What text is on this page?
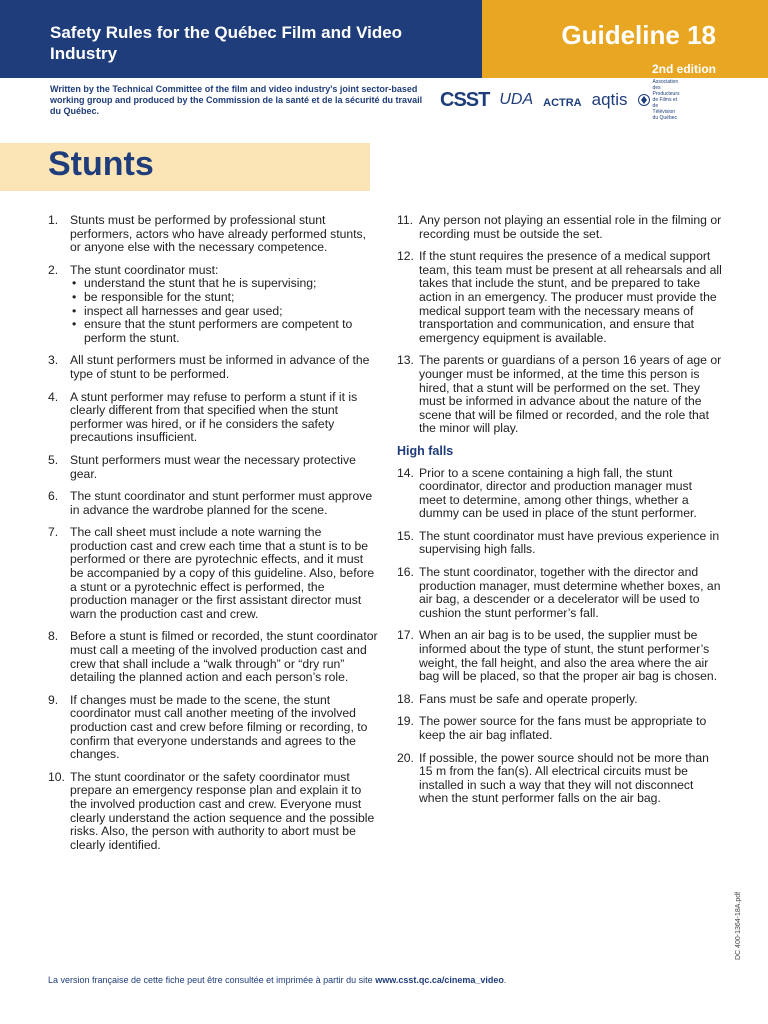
Safety Rules for the Québec Film and Video Industry
Guideline 18
2nd edition
Written by the Technical Committee of the film and video industry's joint sector-based working group and produced by the Commission de la santé et de la sécurité du travail du Québec.
CSST UDA ACTRA aqtis
Association des Producteurs de Films et de Télévision du Québec
Stunts
1. Stunts must be performed by professional stunt performers, actors who have already performed stunts, or anyone else with the necessary competence.
2. The stunt coordinator must:
• understand the stunt that he is supervising;
• be responsible for the stunt;
• inspect all harnesses and gear used;
• ensure that the stunt performers are competent to perform the stunt.
3. All stunt performers must be informed in advance of the type of stunt to be performed.
4. A stunt performer may refuse to perform a stunt if it is clearly different from that specified when the stunt performer was hired, or if he considers the safety precautions insufficient.
5. Stunt performers must wear the necessary protective gear.
6. The stunt coordinator and stunt performer must approve in advance the wardrobe planned for the scene.
7. The call sheet must include a note warning the production cast and crew each time that a stunt is to be performed or there are pyrotechnic effects, and it must be accompanied by a copy of this guideline. Also, before a stunt or a pyrotechnic effect is performed, the production manager or the first assistant director must warn the production cast and crew.
8. Before a stunt is filmed or recorded, the stunt coordinator must call a meeting of the involved production cast and crew that shall include a “walk through” or “dry run” detailing the planned action and each person’s role.
9. If changes must be made to the scene, the stunt coordinator must call another meeting of the involved production cast and crew before filming or recording, to confirm that everyone understands and agrees to the changes.
10. The stunt coordinator or the safety coordinator must prepare an emergency response plan and explain it to the involved production cast and crew. Everyone must clearly understand the action sequence and the possible risks. Also, the person with authority to abort must be clearly identified.
11. Any person not playing an essential role in the filming or recording must be outside the set.
12. If the stunt requires the presence of a medical support team, this team must be present at all rehearsals and all takes that include the stunt, and be prepared to take action in an emergency. The producer must provide the medical support team with the necessary means of transportation and communication, and ensure that emergency equipment is available.
13. The parents or guardians of a person 16 years of age or younger must be informed, at the time this person is hired, that a stunt will be performed on the set. They must be informed in advance about the nature of the scene that will be filmed or recorded, and the role that the minor will play.
High falls
14. Prior to a scene containing a high fall, the stunt coordinator, director and production manager must meet to determine, among other things, whether a dummy can be used in place of the stunt performer.
15. The stunt coordinator must have previous experience in supervising high falls.
16. The stunt coordinator, together with the director and production manager, must determine whether boxes, an air bag, a descender or a decelerator will be used to cushion the stunt performer’s fall.
17. When an air bag is to be used, the supplier must be informed about the type of stunt, the stunt performer’s weight, the fall height, and also the area where the air bag will be placed, so that the proper air bag is chosen.
18. Fans must be safe and operate properly.
19. The power source for the fans must be appropriate to keep the air bag inflated.
20. If possible, the power source should not be more than 15 m from the fan(s). All electrical circuits must be installed in such a way that they will not disconnect when the stunt performer falls on the air bag.
La version française de cette fiche peut être consultée et imprimée à partir du site www.csst.qc.ca/cinema_video.
DC 400-1364-18A.pdf
